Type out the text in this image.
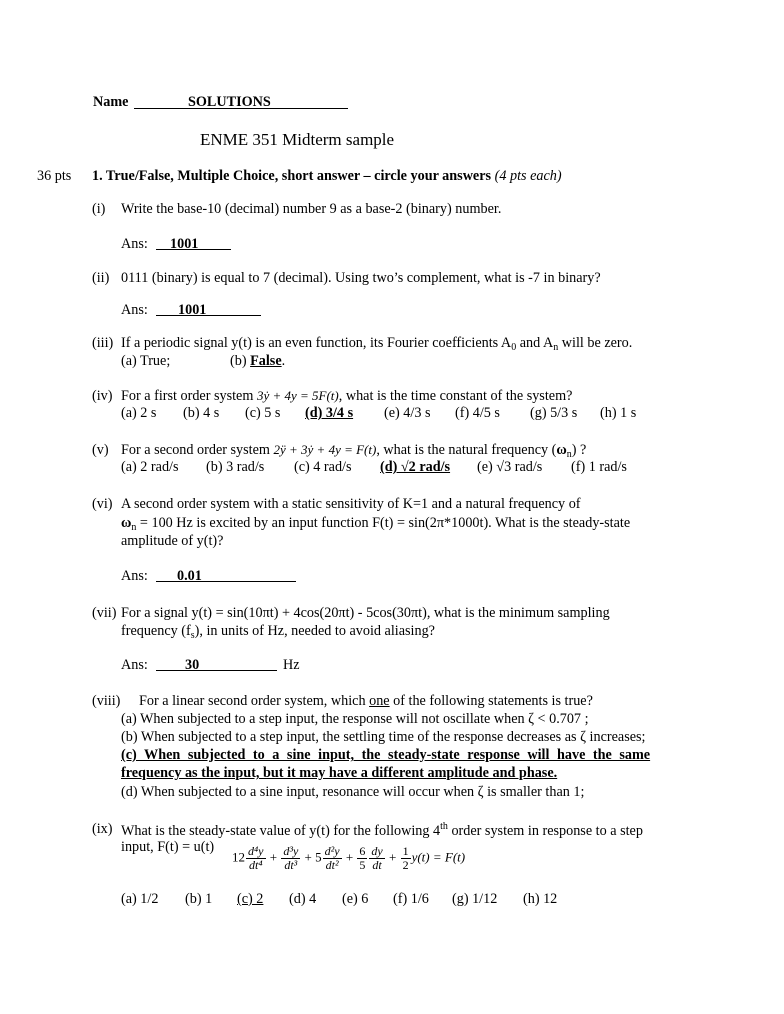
Name	SOLUTIONS
ENME 351 Midterm sample
36 pts 1. True/False, Multiple Choice, short answer – circle your answers (4 pts each)
(i) Write the base-10 (decimal) number 9 as a base-2 (binary) number.
Ans: 1001
(ii) 0111 (binary) is equal to 7 (decimal). Using two’s complement, what is -7 in binary?
Ans: 1001
(iii) If a periodic signal y(t) is an even function, its Fourier coefficients $A_0$ and $A_n$ will be zero.
(a) True;	(b) False.
(iv) For a first order system 3ẏ + 4y = 5F(t), what is the time constant of the system?
(a) 2 s (b) 4 s (c) 5 s (d) 3/4 s (e) 4/3 s (f) 4/5 s (g) 5/3 s (h) 1 s
(v) For a second order system 2ÿ + 3ẏ + 4y = F(t), what is the natural frequency $(\omega_n)$ ?
(a) 2 rad/s (b) 3 rad/s (c) 4 rad/s (d) √2 rad/s (e) √3 rad/s (f) 1 rad/s
(vi) A second order system with a static sensitivity of K=1 and a natural frequency of
$\omega_n = 100$ Hz is excited by an input function F(t) = sin(2π*1000t). What is the steady-state
amplitude of y(t)?
Ans: 0.01
(vii) For a signal y(t) = sin(10πt) + 4cos(20πt) - 5cos(30πt), what is the minimum sampling
frequency $(f_s)$, in units of Hz, needed to avoid aliasing?
Ans:	30	Hz
(viii) For a linear second order system, which one of the following statements is true?
(a) When subjected to a step input, the response will not oscillate when ζ < 0.707 ;
(b) When subjected to a step input, the settling time of the response decreases as ζ increases;
(c) When subjected to a sine input, the steady-state response will have the same
frequency as the input, but it may have a different amplitude and phase.
(d) When subjected to a sine input, resonance will occur when ζ is smaller than 1;
(ix) What is the steady-state value of y(t) for the following 4th order system in response to a step
input, F(t) = u(t)
$12 \frac{\text{d⁴y}}{\text{dt⁴}} + \frac{\text{d³y}}{\text{dt³}} + 5 \frac{\text{d²y}}{\text{dt²}} + \frac{6}{5} \frac{dy}{dt} + \frac{1}{2} y(t) = F(t)$
(a) 1/2 (b) 1 (c) 2 (d) 4 (e) 6 (f) 1/6 (g) 1/12 (h) 12
